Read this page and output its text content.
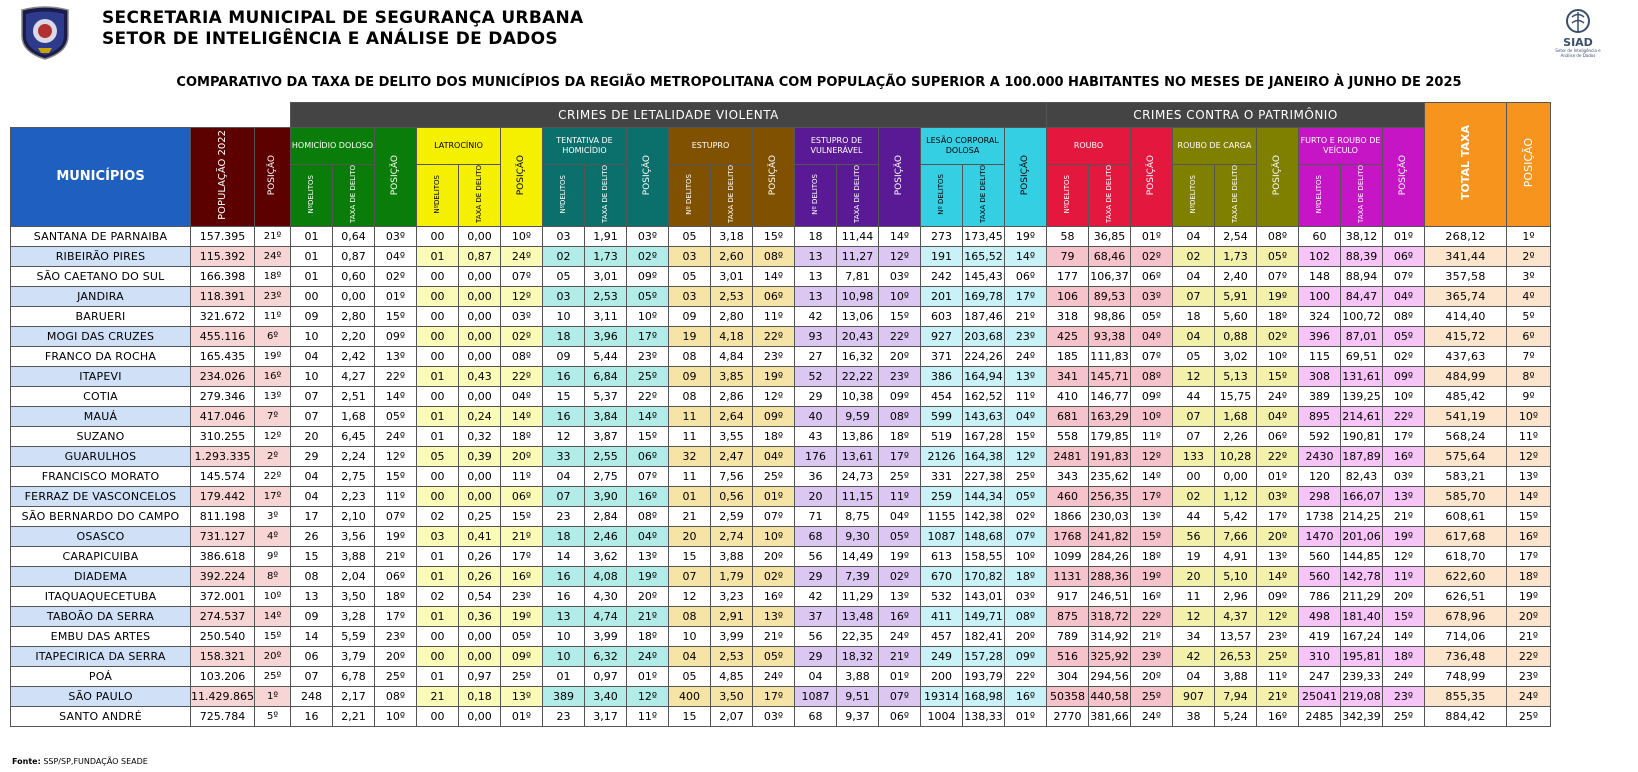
SIAD
Setor de Inteligência e Análise de Dados
SECRETARIA MUNICIPAL DE SEGURANÇA URBANA
SETOR DE INTELIGÊNCIA E ANÁLISE DE DADOS
COMPARATIVO DA TAXA DE DELITO DOS MUNICÍPIOS DA REGIÃO METROPOLITANA COM POPULAÇÃO SUPERIOR A 100.000 HABITANTES NO MESES DE JANEIRO À JUNHO DE 2025
			CRIMES DE LETALIDADE VIOLENTA																		CRIMES CONTRA O PATRIMÔNIO									TOTAL TAXA	POSIÇÃO
MUNICÍPIOS	POPULAÇÃO 2022	POSIÇÃO	HOMICÍDIO DOLOSO		POSIÇÃO	LATROCÍNIO		POSIÇÃO	TENTATIVA DE HOMICÍDIO		POSIÇÃO	ESTUPRO		POSIÇÃO	ESTUPRO DE VULNERÁVEL		POSIÇÃO	LESÃO CORPORAL DOLOSA		POSIÇÃO	ROUBO		POSIÇÃO	ROUBO DE CARGA		POSIÇÃO	FURTO E ROUBO DE VEÍCULO		POSIÇÃO		
			NºDELITOS	TAXA DE DELITO		NºDELITOS	TAXA DE DELITO		NºDELITOS	TAXA DE DELITO		Nº DELITOS	TAXA DE DELITO		Nº DELITOS	TAXA DE DELITO		Nº DELITOS	TAXA DE DELITO		NºDELITOS	TAXA DE DELITO		NºDELITOS	TAXA DE DELITO		NºDELITOS	TAXA DE DELITO			
SANTANA DE PARNAIBA	157.395	21º	01	0,64	03º	00	0,00	10º	03	1,91	03º	05	3,18	15º	18	11,44	14º	273	173,45	19º	58	36,85	01º	04	2,54	08º	60	38,12	01º	268,12	1º
RIBEIRÃO PIRES	115.392	24º	01	0,87	04º	01	0,87	24º	02	1,73	02º	03	2,60	08º	13	11,27	12º	191	165,52	14º	79	68,46	02º	02	1,73	05º	102	88,39	06º	341,44	2º
SÃO CAETANO DO SUL	166.398	18º	01	0,60	02º	00	0,00	07º	05	3,01	09º	05	3,01	14º	13	7,81	03º	242	145,43	06º	177	106,37	06º	04	2,40	07º	148	88,94	07º	357,58	3º
JANDIRA	118.391	23º	00	0,00	01º	00	0,00	12º	03	2,53	05º	03	2,53	06º	13	10,98	10º	201	169,78	17º	106	89,53	03º	07	5,91	19º	100	84,47	04º	365,74	4º
BARUERI	321.672	11º	09	2,80	15º	00	0,00	03º	10	3,11	10º	09	2,80	11º	42	13,06	15º	603	187,46	21º	318	98,86	05º	18	5,60	18º	324	100,72	08º	414,40	5º
MOGI DAS CRUZES	455.116	6º	10	2,20	09º	00	0,00	02º	18	3,96	17º	19	4,18	22º	93	20,43	22º	927	203,68	23º	425	93,38	04º	04	0,88	02º	396	87,01	05º	415,72	6º
FRANCO DA ROCHA	165.435	19º	04	2,42	13º	00	0,00	08º	09	5,44	23º	08	4,84	23º	27	16,32	20º	371	224,26	24º	185	111,83	07º	05	3,02	10º	115	69,51	02º	437,63	7º
ITAPEVI	234.026	16º	10	4,27	22º	01	0,43	22º	16	6,84	25º	09	3,85	19º	52	22,22	23º	386	164,94	13º	341	145,71	08º	12	5,13	15º	308	131,61	09º	484,99	8º
COTIA	279.346	13º	07	2,51	14º	00	0,00	04º	15	5,37	22º	08	2,86	12º	29	10,38	09º	454	162,52	11º	410	146,77	09º	44	15,75	24º	389	139,25	10º	485,42	9º
MAUÁ	417.046	7º	07	1,68	05º	01	0,24	14º	16	3,84	14º	11	2,64	09º	40	9,59	08º	599	143,63	04º	681	163,29	10º	07	1,68	04º	895	214,61	22º	541,19	10º
SUZANO	310.255	12º	20	6,45	24º	01	0,32	18º	12	3,87	15º	11	3,55	18º	43	13,86	18º	519	167,28	15º	558	179,85	11º	07	2,26	06º	592	190,81	17º	568,24	11º
GUARULHOS	1.293.335	2º	29	2,24	12º	05	0,39	20º	33	2,55	06º	32	2,47	04º	176	13,61	17º	2126	164,38	12º	2481	191,83	12º	133	10,28	22º	2430	187,89	16º	575,64	12º
FRANCISCO MORATO	145.574	22º	04	2,75	15º	00	0,00	11º	04	2,75	07º	11	7,56	25º	36	24,73	25º	331	227,38	25º	343	235,62	14º	00	0,00	01º	120	82,43	03º	583,21	13º
FERRAZ DE VASCONCELOS	179.442	17º	04	2,23	11º	00	0,00	06º	07	3,90	16º	01	0,56	01º	20	11,15	11º	259	144,34	05º	460	256,35	17º	02	1,12	03º	298	166,07	13º	585,70	14º
SÃO BERNARDO DO CAMPO	811.198	3º	17	2,10	07º	02	0,25	15º	23	2,84	08º	21	2,59	07º	71	8,75	04º	1155	142,38	02º	1866	230,03	13º	44	5,42	17º	1738	214,25	21º	608,61	15º
OSASCO	731.127	4º	26	3,56	19º	03	0,41	21º	18	2,46	04º	20	2,74	10º	68	9,30	05º	1087	148,68	07º	1768	241,82	15º	56	7,66	20º	1470	201,06	19º	617,68	16º
CARAPICUIBA	386.618	9º	15	3,88	21º	01	0,26	17º	14	3,62	13º	15	3,88	20º	56	14,49	19º	613	158,55	10º	1099	284,26	18º	19	4,91	13º	560	144,85	12º	618,70	17º
DIADEMA	392.224	8º	08	2,04	06º	01	0,26	16º	16	4,08	19º	07	1,79	02º	29	7,39	02º	670	170,82	18º	1131	288,36	19º	20	5,10	14º	560	142,78	11º	622,60	18º
ITAQUAQUECETUBA	372.001	10º	13	3,50	18º	02	0,54	23º	16	4,30	20º	12	3,23	16º	42	11,29	13º	532	143,01	03º	917	246,51	16º	11	2,96	09º	786	211,29	20º	626,51	19º
TABOÃO DA SERRA	274.537	14º	09	3,28	17º	01	0,36	19º	13	4,74	21º	08	2,91	13º	37	13,48	16º	411	149,71	08º	875	318,72	22º	12	4,37	12º	498	181,40	15º	678,96	20º
EMBU DAS ARTES	250.540	15º	14	5,59	23º	00	0,00	05º	10	3,99	18º	10	3,99	21º	56	22,35	24º	457	182,41	20º	789	314,92	21º	34	13,57	23º	419	167,24	14º	714,06	21º
ITAPECIRICA DA SERRA	158.321	20º	06	3,79	20º	00	0,00	09º	10	6,32	24º	04	2,53	05º	29	18,32	21º	249	157,28	09º	516	325,92	23º	42	26,53	25º	310	195,81	18º	736,48	22º
POÁ	103.206	25º	07	6,78	25º	01	0,97	25º	01	0,97	01º	05	4,85	24º	04	3,88	01º	200	193,79	22º	304	294,56	20º	04	3,88	11º	247	239,33	24º	748,99	23º
SÃO PAULO	11.429.865	1º	248	2,17	08º	21	0,18	13º	389	3,40	12º	400	3,50	17º	1087	9,51	07º	19314	168,98	16º	50358	440,58	25º	907	7,94	21º	25041	219,08	23º	855,35	24º
SANTO ANDRÉ	725.784	5º	16	2,21	10º	00	0,00	01º	23	3,17	11º	15	2,07	03º	68	9,37	06º	1004	138,33	01º	2770	381,66	24º	38	5,24	16º	2485	342,39	25º	884,42	25º
Fonte: SSP/SP,FUNDAÇÃO SEADE
